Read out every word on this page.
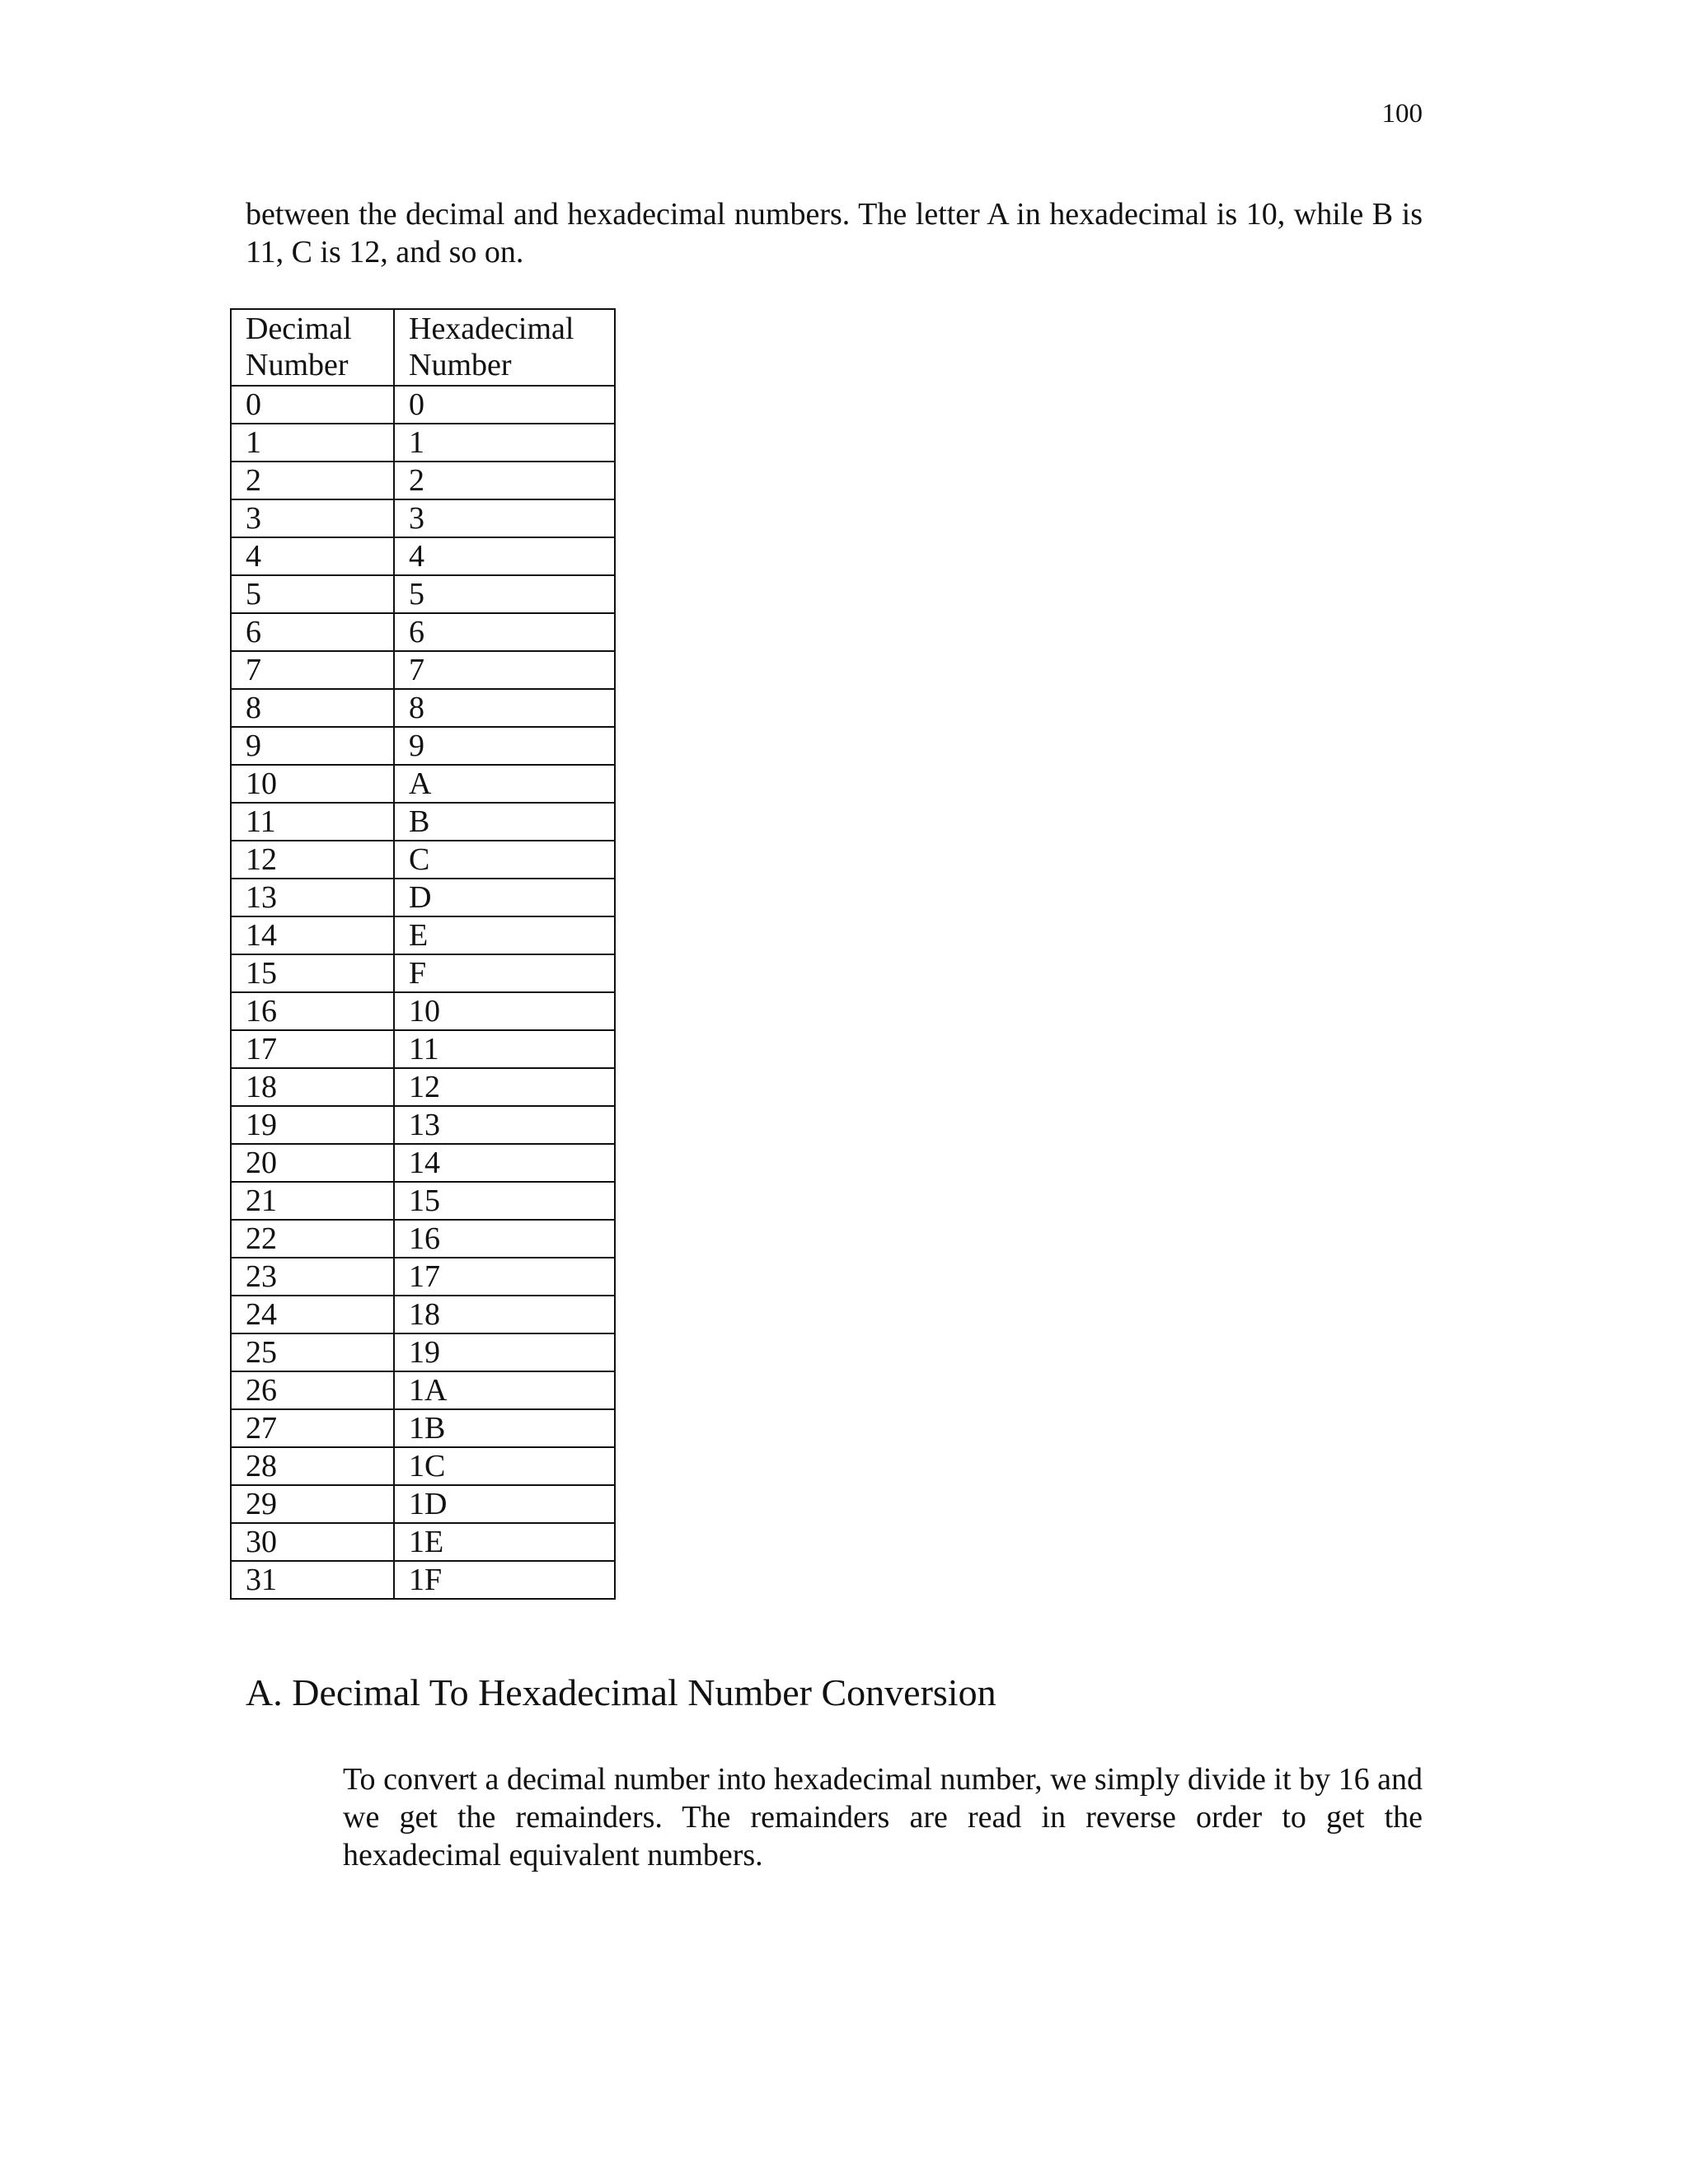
100

between the decimal and hexadecimal numbers. The letter A in hexadecimal is 10, while B is 11, C is 12, and so on.

Decimal Number	Hexadecimal Number
0	0
1	1
2	2
3	3
4	4
5	5
6	6
7	7
8	8
9	9
10	A
11	B
12	C
13	D
14	E
15	F
16	10
17	11
18	12
19	13
20	14
21	15
22	16
23	17
24	18
25	19
26	1A
27	1B
28	1C
29	1D
30	1E
31	1F
A. Decimal To Hexadecimal Number Conversion

To convert a decimal number into hexadecimal number, we simply divide it by 16 and we get the remainders. The remainders are read in reverse order to get the hexadecimal equivalent numbers.
